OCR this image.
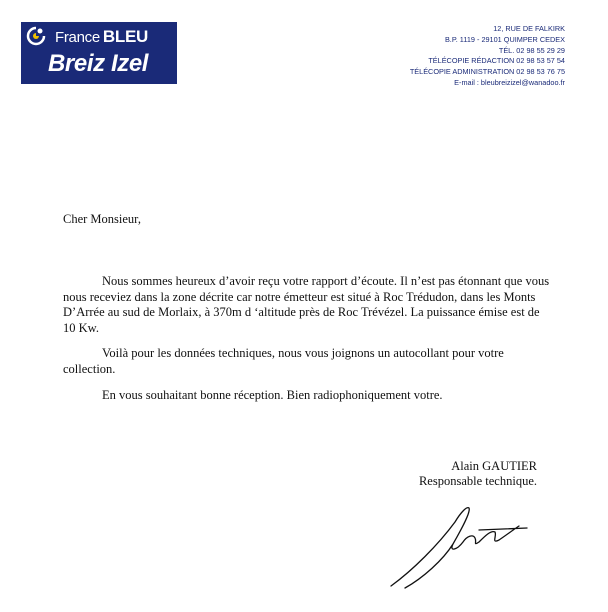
France BLEU
Breiz Izel
12, RUE DE FALKIRK
B.P. 1119 - 29101 QUIMPER CEDEX
TÉL. 02 98 55 29 29
TÉLÉCOPIE RÉDACTION 02 98 53 57 54
TÉLÉCOPIE ADMINISTRATION 02 98 53 76 75
E-mail : bleubreizizel@wanadoo.fr
Cher Monsieur,

Nous sommes heureux d’avoir reçu votre rapport d’écoute. Il n’est pas étonnant que vous nous receviez dans la zone décrite car notre émetteur est situé à Roc Trédudon, dans les Monts D’Arrée au sud de Morlaix, à 370m d ‘altitude près de Roc Trévézel. La puissance émise est de 10 Kw.

Voilà pour les données techniques, nous vous joignons un autocollant pour votre collection.

En vous souhaitant bonne réception. Bien radiophoniquement votre.

Alain GAUTIER
Responsable technique.
